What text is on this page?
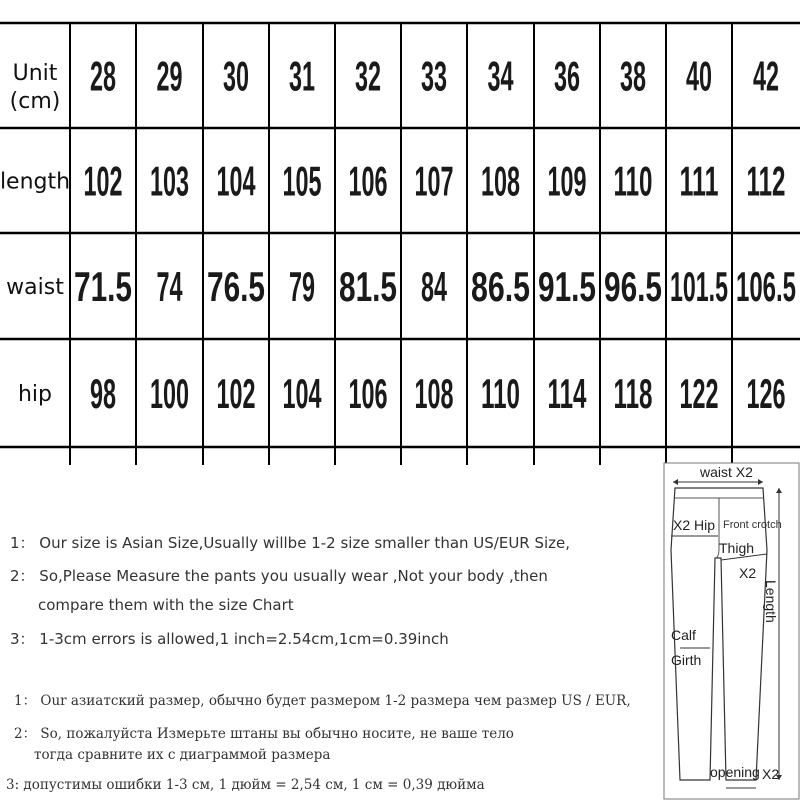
Unit
(cm)
28 29 30 31 32 33 34 36 38 40 42
length 102 103 104 105 106 107 108 109 110 111 112
waist 71.5 74 76.5 79 81.5 84 86.5 91.5 96.5 101.5 106.5
hip 98 100 102 104 106 108 110 114 118 122 126
1： Our size is Asian Size,Usually willbe 1-2 size smaller than US/EUR Size,
2： So,Please Measure the pants you usually wear ,Not your body ,then
compare them with the size Chart
3： 1-3cm errors is allowed,1 inch=2.54cm,1cm=0.39inch
1： Our азиатский размер, обычно будет размером 1-2 размера чем размер US / EUR,
2： So, пожалуйста Измерьте штаны вы обычно носите, не ваше тело
тогда сравните их с диаграммой размера
3: допустимы ошибки 1-3 см, 1 дюйм = 2,54 см, 1 см = 0,39 дюйма
waist X2
X2 Hip Front crotch
Thigh
X2
Length
Calf
Girth
opening X2
